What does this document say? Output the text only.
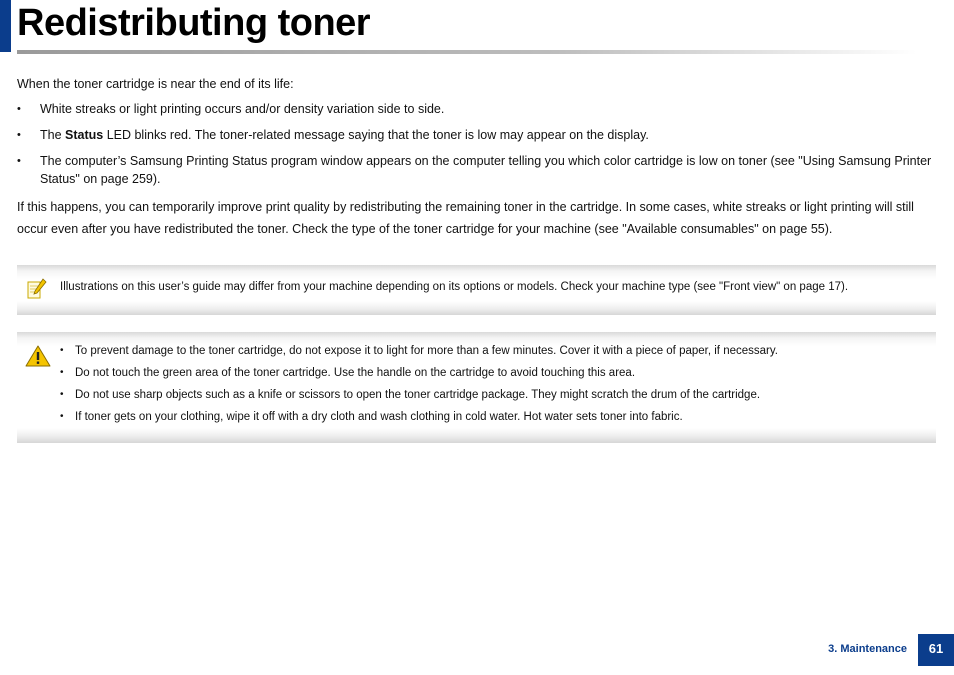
Redistributing toner

When the toner cartridge is near the end of its life:

• White streaks or light printing occurs and/or density variation side to side.
• The Status LED blinks red. The toner-related message saying that the toner is low may appear on the display.
• The computer’s Samsung Printing Status program window appears on the computer telling you which color cartridge is low on toner (see "Using Samsung Printer Status" on page 259).

If this happens, you can temporarily improve print quality by redistributing the remaining toner in the cartridge. In some cases, white streaks or light printing will still occur even after you have redistributed the toner. Check the type of the toner cartridge for your machine (see "Available consumables" on page 55).

Illustrations on this user’s guide may differ from your machine depending on its options or models. Check your machine type (see "Front view" on page 17).
• To prevent damage to the toner cartridge, do not expose it to light for more than a few minutes. Cover it with a piece of paper, if necessary.
• Do not touch the green area of the toner cartridge. Use the handle on the cartridge to avoid touching this area.
• Do not use sharp objects such as a knife or scissors to open the toner cartridge package. They might scratch the drum of the cartridge.
• If toner gets on your clothing, wipe it off with a dry cloth and wash clothing in cold water. Hot water sets toner into fabric.
3. Maintenance	61
